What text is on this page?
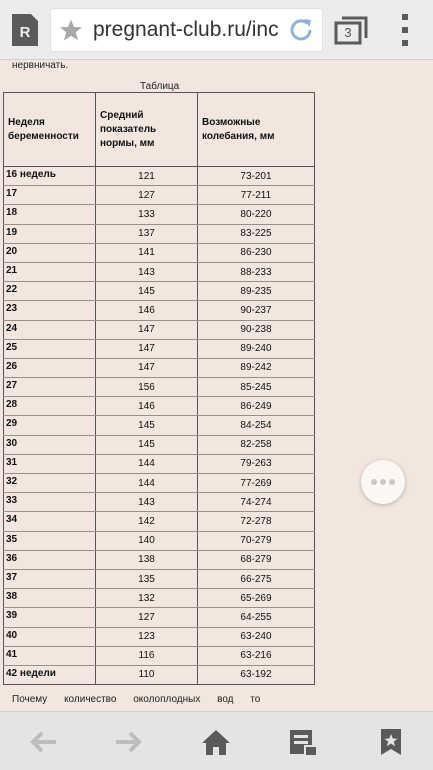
R	pregnant-club.ru/inc	3
нервничать.
Таблица
Неделя беременности	Средний показатель нормы, мм	Возможные колебания, мм
16 недель	121	73-201
17	127	77-211
18	133	80-220
19	137	83-225
20	141	86-230
21	143	88-233
22	145	89-235
23	146	90-237
24	147	90-238
25	147	89-240
26	147	89-242
27	156	85-245
28	146	86-249
29	145	84-254
30	145	82-258
31	144	79-263
32	144	77-269
33	143	74-274
34	142	72-278
35	140	70-279
36	138	68-279
37	135	66-275
38	132	65-269
39	127	64-255
40	123	63-240
41	116	63-216
42 недели	110	63-192
Почему количество околоплодных вод то
